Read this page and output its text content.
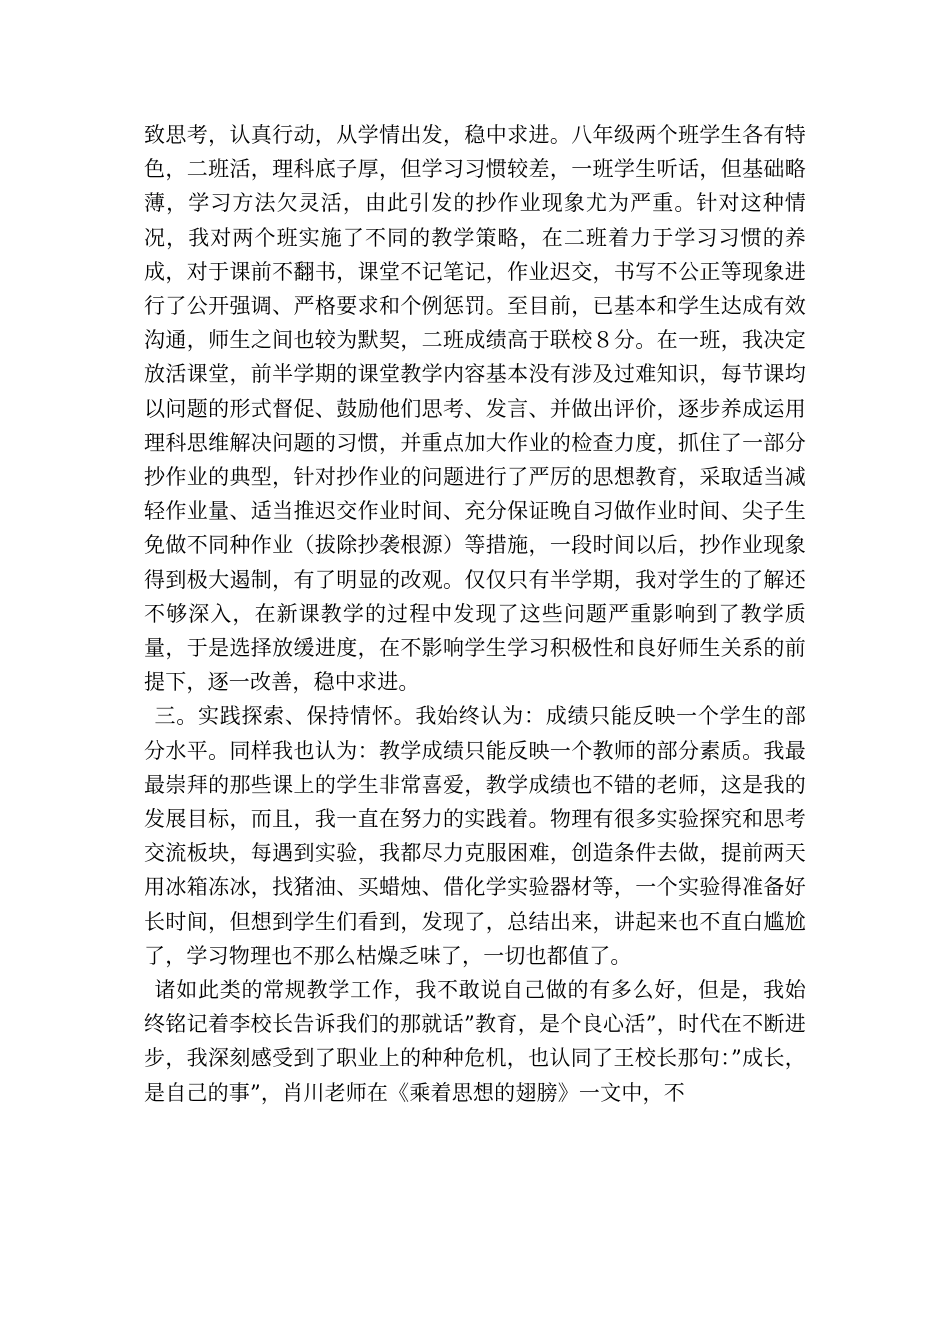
致思考，认真行动，从学情出发，稳中求进。八年级两个班学生各有特色，二班活，理科底子厚，但学习习惯较差，一班学生听话，但基础略薄，学习方法欠灵活，由此引发的抄作业现象尤为严重。针对这种情况，我对两个班实施了不同的教学策略，在二班着力于学习习惯的养成，对于课前不翻书，课堂不记笔记，作业迟交，书写不公正等现象进行了公开强调、严格要求和个例惩罚。至目前，已基本和学生达成有效沟通，师生之间也较为默契，二班成绩高于联校８分。在一班，我决定放活课堂，前半学期的课堂教学内容基本没有涉及过难知识，每节课均以问题的形式督促、鼓励他们思考、发言、并做出评价，逐步养成运用理科思维解决问题的习惯，并重点加大作业的检查力度，抓住了一部分抄作业的典型，针对抄作业的问题进行了严厉的思想教育，采取适当减轻作业量、适当推迟交作业时间、充分保证晚自习做作业时间、尖子生免做不同种作业（拔除抄袭根源）等措施，一段时间以后，抄作业现象得到极大遏制，有了明显的改观。仅仅只有半学期，我对学生的了解还不够深入，在新课教学的过程中发现了这些问题严重影响到了教学质量，于是选择放缓进度，在不影响学生学习积极性和良好师生关系的前提下，逐一改善，稳中求进。

三。实践探索、保持情怀。我始终认为：成绩只能反映一个学生的部分水平。同样我也认为：教学成绩只能反映一个教师的部分素质。我最最崇拜的那些课上的学生非常喜爱，教学成绩也不错的老师，这是我的发展目标，而且，我一直在努力的实践着。物理有很多实验探究和思考交流板块，每遇到实验，我都尽力克服困难，创造条件去做，提前两天用冰箱冻冰，找猪油、买蜡烛、借化学实验器材等，一个实验得准备好长时间，但想到学生们看到，发现了，总结出来，讲起来也不直白尴尬了，学习物理也不那么枯燥乏味了，一切也都值了。

诸如此类的常规教学工作，我不敢说自己做的有多么好，但是，我始终铭记着李校长告诉我们的那就话”教育，是个良心活”，时代在不断进步，我深刻感受到了职业上的种种危机，也认同了王校长那句：”成长，是自己的事”，肖川老师在《乘着思想的翅膀》一文中，不
